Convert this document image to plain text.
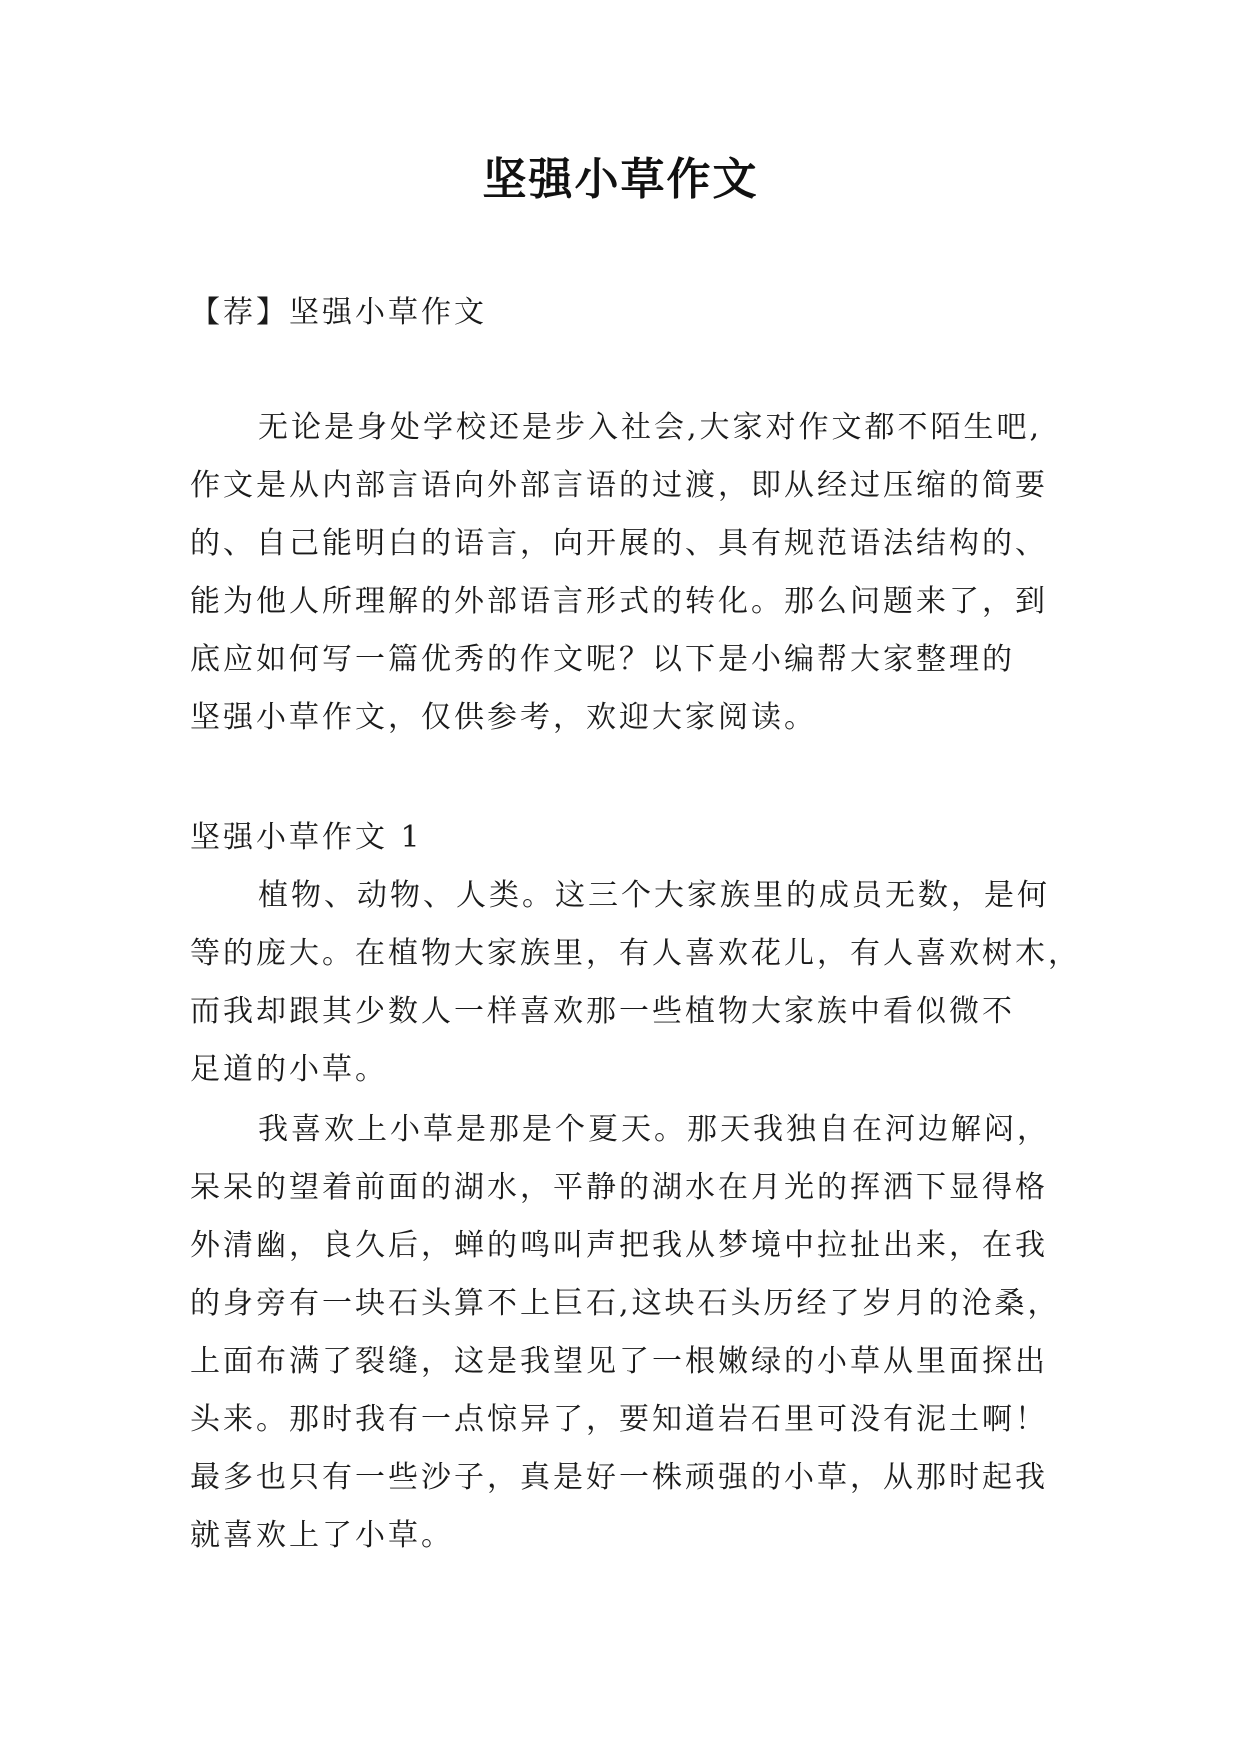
坚强小草作文
【荐】坚强小草作文
无论是身处学校还是步入社会,大家对作文都不陌生吧,
作文是从内部言语向外部言语的过渡，即从经过压缩的简要
的、自己能明白的语言，向开展的、具有规范语法结构的、
能为他人所理解的外部语言形式的转化。那么问题来了，到
底应如何写一篇优秀的作文呢？以下是小编帮大家整理的
坚强小草作文，仅供参考，欢迎大家阅读。
坚强小草作文 1
植物、动物、人类。这三个大家族里的成员无数，是何
等的庞大。在植物大家族里，有人喜欢花儿，有人喜欢树木，
而我却跟其少数人一样喜欢那一些植物大家族中看似微不
足道的小草。
我喜欢上小草是那是个夏天。那天我独自在河边解闷，
呆呆的望着前面的湖水，平静的湖水在月光的挥洒下显得格
外清幽，良久后，蝉的鸣叫声把我从梦境中拉扯出来，在我
的身旁有一块石头算不上巨石,这块石头历经了岁月的沧桑，
上面布满了裂缝，这是我望见了一根嫩绿的小草从里面探出
头来。那时我有一点惊异了，要知道岩石里可没有泥土啊！
最多也只有一些沙子，真是好一株顽强的小草，从那时起我
就喜欢上了小草。
